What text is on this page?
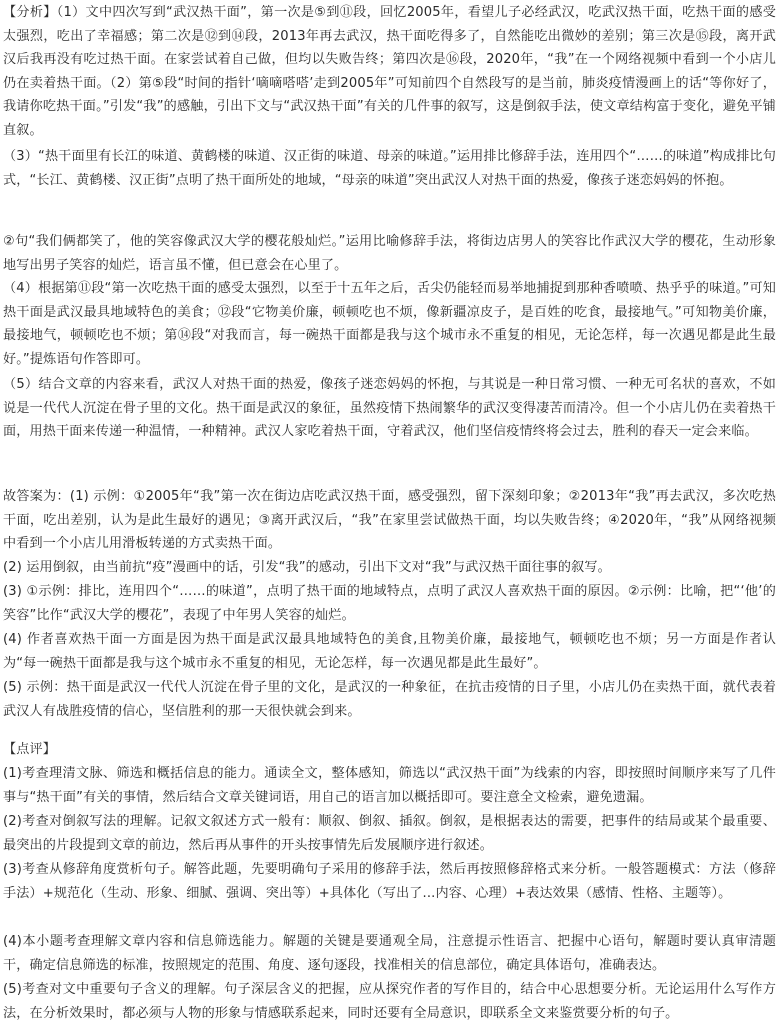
【分析】（1）文中四次写到“武汉热干面”，第一次是⑤到⑪段，回忆2005年，看望儿子必经武汉，吃武汉热干面，吃热干面的感受太强烈，吃出了幸福感；第二次是⑫到⑭段，2013年再去武汉，热干面吃得多了，自然能吃出微妙的差别；第三次是⑮段，离开武汉后我再没有吃过热干面。在家尝试着自己做，但均以失败告终；第四次是⑯段，2020年，“我”在一个网络视频中看到一个小店儿仍在卖着热干面。（2）第⑤段“时间的指针‘嘀嘀嗒嗒’走到2005年”可知前四个自然段写的是当前，肺炎疫情漫画上的话“等你好了，我请你吃热干面。”引发“我”的感触，引出下文与“武汉热干面”有关的几件事的叙写，这是倒叙手法，使文章结构富于变化，避免平铺直叙。

（3）“热干面里有长江的味道、黄鹤楼的味道、汉正街的味道、母亲的味道。”运用排比修辞手法，连用四个“……的味道”构成排比句式，“长江、黄鹤楼、汉正街”点明了热干面所处的地域，“母亲的味道”突出武汉人对热干面的热爱，像孩子迷恋妈妈的怀抱。

②句“我们俩都笑了，他的笑容像武汉大学的樱花般灿烂。”运用比喻修辞手法，将街边店男人的笑容比作武汉大学的樱花，生动形象地写出男子笑容的灿烂，语言虽不懂，但已意会在心里了。

（4）根据第⑪段“第一次吃热干面的感受太强烈，以至于十五年之后，舌尖仍能轻而易举地捕捉到那种香喷喷、热乎乎的味道。”可知热干面是武汉最具地域特色的美食；⑫段“它物美价廉，顿顿吃也不烦，像新疆凉皮子，是百姓的吃食，最接地气。”可知物美价廉，最接地气，顿顿吃也不烦；第⑭段“对我而言，每一碗热干面都是我与这个城市永不重复的相见，无论怎样，每一次遇见都是此生最好。”提炼语句作答即可。

（5）结合文章的内容来看，武汉人对热干面的热爱，像孩子迷恋妈妈的怀抱，与其说是一种日常习惯、一种无可名状的喜欢，不如说是一代代人沉淀在骨子里的文化。热干面是武汉的象征，虽然疫情下热闹繁华的武汉变得凄苦而清冷。但一个小店儿仍在卖着热干面，用热干面来传递一种温情，一种精神。武汉人家吃着热干面，守着武汉，他们坚信疫情终将会过去，胜利的春天一定会来临。

故答案为：(1) 示例：①2005年“我”第一次在街边店吃武汉热干面，感受强烈，留下深刻印象；②2013年“我”再去武汉，多次吃热干面，吃出差别，认为是此生最好的遇见；③离开武汉后，“我”在家里尝试做热干面，均以失败告终；④2020年，“我”从网络视频中看到一个小店儿用滑板转递的方式卖热干面。

(2) 运用倒叙，由当前抗“疫”漫画中的话，引发“我”的感动，引出下文对“我”与武汉热干面往事的叙写。

(3) ①示例：排比，连用四个“……的味道”，点明了热干面的地域特点，点明了武汉人喜欢热干面的原因。②示例：比喻，把“‘他’的笑容”比作“武汉大学的樱花”，表现了中年男人笑容的灿烂。

(4) 作者喜欢热干面一方面是因为热干面是武汉最具地域特色的美食,且物美价廉，最接地气，顿顿吃也不烦；另一方面是作者认为“每一碗热干面都是我与这个城市永不重复的相见，无论怎样，每一次遇见都是此生最好”。

(5) 示例：热干面是武汉一代代人沉淀在骨子里的文化，是武汉的一种象征，在抗击疫情的日子里，小店儿仍在卖热干面，就代表着武汉人有战胜疫情的信心，坚信胜利的那一天很快就会到来。

【点评】

(1)考查理清文脉、筛选和概括信息的能力。通读全文，整体感知，筛选以“武汉热干面”为线索的内容，即按照时间顺序来写了几件事与“热干面”有关的事情，然后结合文章关键词语，用自己的语言加以概括即可。要注意全文检索，避免遗漏。

(2)考查对倒叙写法的理解。记叙文叙述方式一般有：顺叙、倒叙、插叙。倒叙，是根据表达的需要，把事件的结局或某个最重要、最突出的片段提到文章的前边，然后再从事件的开头按事情先后发展顺序进行叙述。

(3)考查从修辞角度赏析句子。解答此题，先要明确句子采用的修辞手法，然后再按照修辞格式来分析。一般答题模式：方法（修辞手法）+规范化（生动、形象、细腻、强调、突出等）+具体化（写出了...内容、心理）+表达效果（感情、性格、主题等）。

(4)本小题考查理解文章内容和信息筛选能力。解题的关键是要通观全局，注意提示性语言、把握中心语句，解题时要认真审清题干，确定信息筛选的标准，按照规定的范围、角度、逐句逐段，找准相关的信息部位，确定具体语句，准确表达。

(5)考查对文中重要句子含义的理解。句子深层含义的把握，应从探究作者的写作目的，结合中心思想要分析。无论运用什么写作方法，在分析效果时，都必须与人物的形象与情感联系起来，同时还要有全局意识，即联系全文来鉴赏要分析的句子。
